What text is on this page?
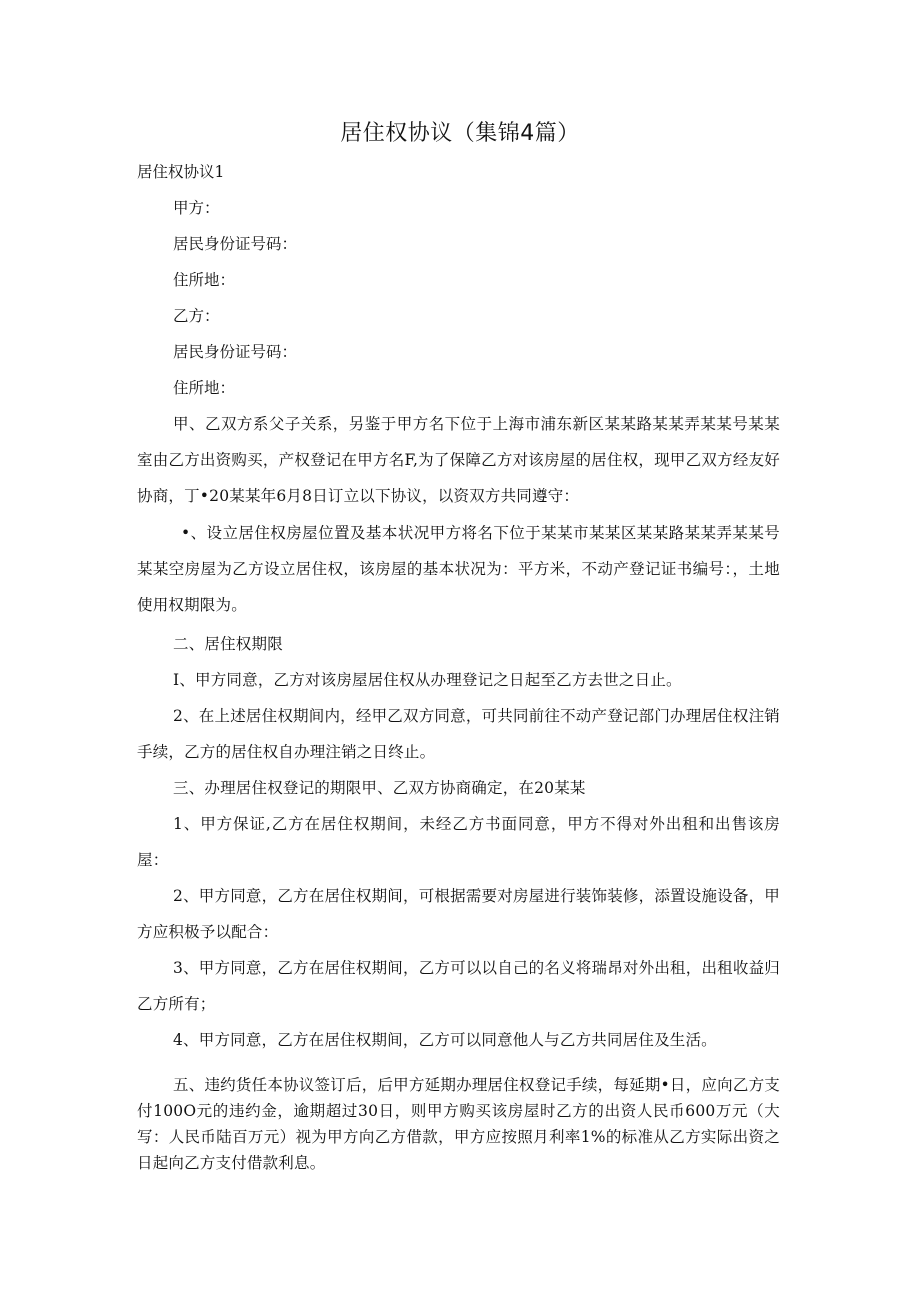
居住权协议（集锦4篇）

居住权协议1

甲方：

居民身份证号码：

住所地：

乙方：

居民身份证号码：

住所地：

甲、乙双方系父子关系，另鉴于甲方名下位于上海市浦东新区某某路某某弄某某号某某室由乙方出资购买，产权登记在甲方名F,为了保障乙方对该房屋的居住权，现甲乙双方经友好协商，丁•20某某年6月8日订立以下协议，以资双方共同遵守：

•、设立居住权房屋位置及基本状况甲方将名下位于某某市某某区某某路某某弄某某号某某空房屋为乙方设立居住权，该房屋的基本状况为：平方米，不动产登记证书编号：，土地使用权期限为。

二、居住权期限

I、甲方同意，乙方对该房屋居住权从办理登记之日起至乙方去世之日止。

2、在上述居住权期间内，经甲乙双方同意，可共同前往不动产登记部门办理居住权注销手续，乙方的居住权自办理注销之日终止。

三、办理居住权登记的期限甲、乙双方协商确定，在20某某

1、甲方保证,乙方在居住权期间，未经乙方书面同意，甲方不得对外出租和出售该房屋：

2、甲方同意，乙方在居住权期间，可根据需要对房屋进行装饰装修，添置设施设备，甲方应积极予以配合：

3、甲方同意，乙方在居住权期间，乙方可以以自己的名义将瑞昂对外出租，出租收益归乙方所有；

4、甲方同意，乙方在居住权期间，乙方可以同意他人与乙方共同居住及生活。

五、违约货任本协议签订后，后甲方延期办理居住权登记手续，每延期•日，应向乙方支付100O元的违约金，逾期超过30日，则甲方购买该房屋时乙方的出资人民币600万元（大写：人民币陆百万元）视为甲方向乙方借款，甲方应按照月利率1%的标准从乙方实际出资之日起向乙方支付借款利息。
